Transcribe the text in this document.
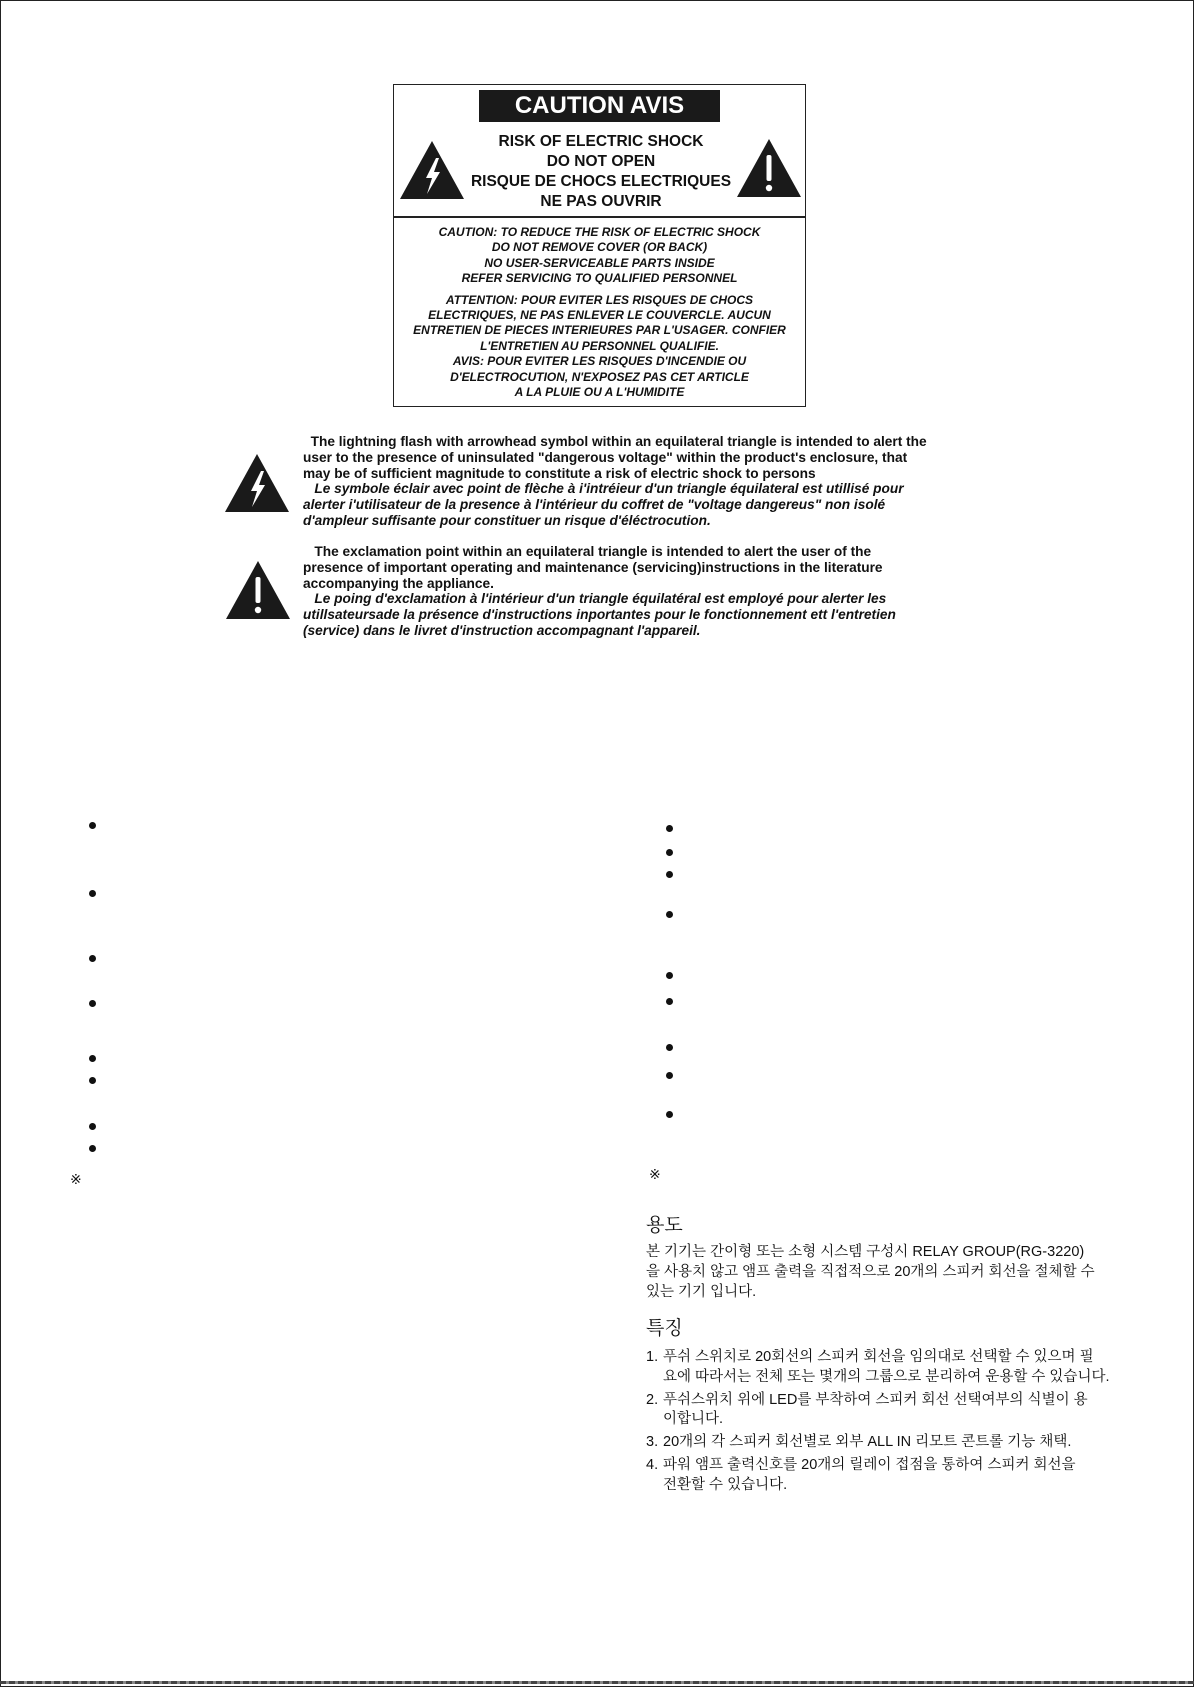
CAUTION AVIS
RISK OF ELECTRIC SHOCK
DO NOT OPEN
RISQUE DE CHOCS ELECTRIQUES
NE PAS OUVRIR
CAUTION: TO REDUCE THE RISK OF ELECTRIC SHOCK
DO NOT REMOVE COVER (OR BACK)
NO USER-SERVICEABLE PARTS INSIDE
REFER SERVICING TO QUALIFIED PERSONNEL
ATTENTION: POUR EVITER LES RISQUES DE CHOCS
ELECTRIQUES, NE PAS ENLEVER LE COUVERCLE. AUCUN
ENTRETIEN DE PIECES INTERIEURES PAR L'USAGER. CONFIER
L'ENTRETIEN AU PERSONNEL QUALIFIE.
AVIS: POUR EVITER LES RISQUES D'INCENDIE OU
D'ELECTROCUTION, N'EXPOSEZ PAS CET ARTICLE
A LA PLUIE OU A L'HUMIDITE
The lightning flash with arrowhead symbol within an equilateral triangle is intended to alert the
user to the presence of uninsulated "dangerous voltage" within the product's enclosure, that
may be of sufficient magnitude to constitute a risk of electric shock to persons
Le symbole éclair avec point de flèche à i'intréieur d'un triangle équilateral est utillisé pour
alerter i'utilisateur de la presence à l'intérieur du coffret de "voltage dangereus" non isolé
d'ampleur suffisante pour constituer un risque d'éléctrocution.
The exclamation point within an equilateral triangle is intended to alert the user of the
presence of important operating and maintenance (servicing)instructions in the literature
accompanying the appliance.
Le poing d'exclamation à l'intérieur d'un triangle équilatéral est employé pour alerter les
utillsateursade la présence d'instructions inportantes pour le fonctionnement ett l'entretien
(service) dans le livret d'instruction accompagnant l'appareil.
※	※
용도
본 기기는 간이형 또는 소형 시스템 구성시 RELAY GROUP(RG-3220)
을 사용치 않고 앰프 출력을 직접적으로 20개의 스피커 회선을 절체할 수
있는 기기 입니다.
특징
1. 푸쉬 스위치로 20회선의 스피커 회선을 임의대로 선택할 수 있으며 필
요에 따라서는 전체 또는 몇개의 그룹으로 분리하여 운용할 수 있습니다.
2. 푸쉬스위치 위에 LED를 부착하여 스피커 회선 선택여부의 식별이 용
이합니다.
3. 20개의 각 스피커 회선별로 외부 ALL IN 리모트 콘트롤 기능 채택.
4. 파워 앰프 출력신호를 20개의 릴레이 접점을 통하여 스피커 회선을
전환할 수 있습니다.
